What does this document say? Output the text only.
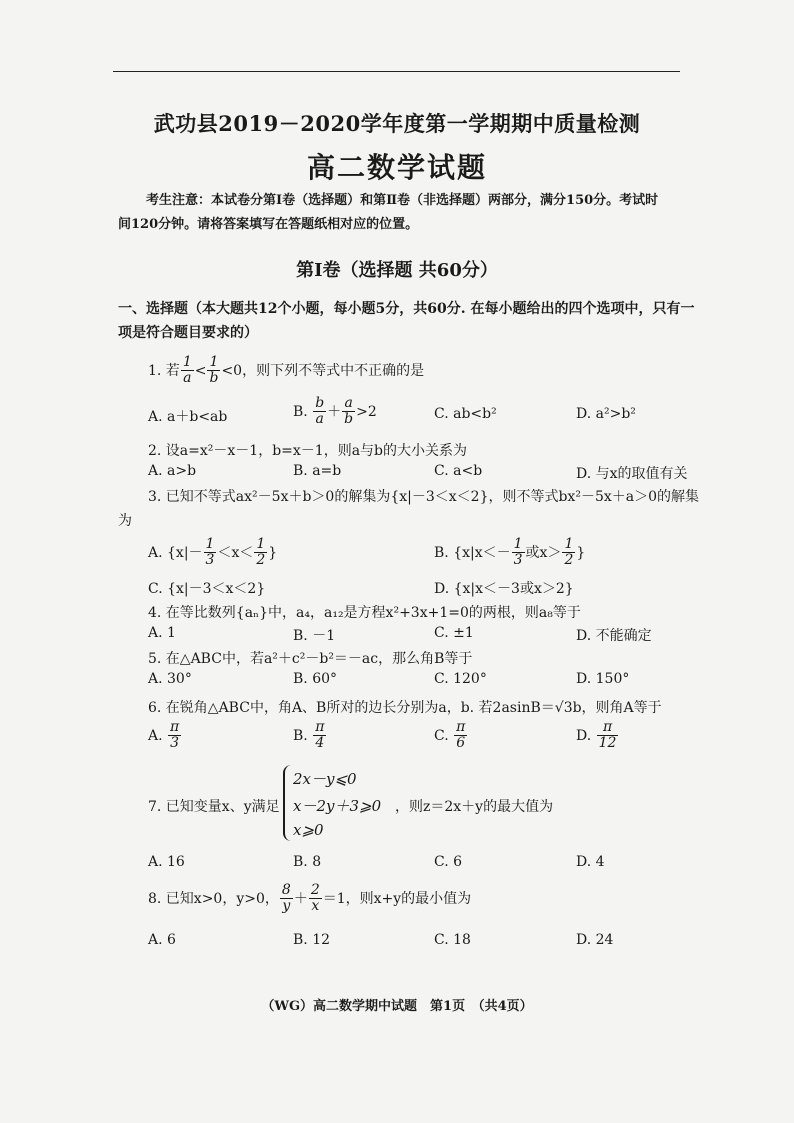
武功县2019－2020学年度第一学期期中质量检测
高二数学试题
考生注意：本试卷分第Ⅰ卷（选择题）和第Ⅱ卷（非选择题）两部分，满分150分。考试时
间120分钟。请将答案填写在答题纸相对应的位置。
第Ⅰ卷（选择题 共60分）
一、选择题（本大题共12个小题，每小题5分，共60分. 在每小题给出的四个选项中，只有一
项是符合题目要求的）
1. 若 $\frac{1}{a} < \frac{1}{b} <0$，则下列不等式中不正确的是
A. a＋b<ab	B. $\frac{b}{a} + \frac{a}{b} >2$	C. ab<b²	D. a²>b²
2. 设a=x²－x－1，b=x－1，则a与b的大小关系为
A. a>b	B. a=b	C. a<b	D. 与x的取值有关
3. 已知不等式ax²－5x＋b＞0的解集为{x|－3＜x＜2}，则不等式bx²－5x＋a＞0的解集
为
A. {$x|- \frac{1}{3} <x< \frac{1}{2}$ }	B. {$x|x<- \frac{1}{3}$ 或$x> \frac{1}{2}$ }
C. {x|－3＜x＜2}	D. {x|x＜－3或x＞2}
4. 在等比数列{aₙ}中，a₄，a₁₂是方程x²+3x+1=0的两根，则a₈等于
A. 1	B. －1	C. ±1	D. 不能确定
5. 在△ABC中，若a²＋c²－b²＝－ac，那么角B等于
A. 30°	B. 60°	C. 120°	D. 150°
6. 在锐角△ABC中，角A、B所对的边长分别为a，b. 若2asinB＝√3b，则角A等于
A. $\frac{\pi}{3}$	B. $\frac{\pi}{4}$	C. $\frac{\pi}{6}$	D. $\frac{\pi}{12}$
7. 已知变量x、y满足
2x－y⩽0
x－2y＋3⩾0
x⩾0
，则z＝2x＋y的最大值为
A. 16	B. 8	C. 6	D. 4
8. 已知x>0，y>0， $\frac{8}{y} + \frac{2}{x} =1$，则x+y的最小值为
A. 6	B. 12	C. 18	D. 24
（WG）高二数学期中试题　第1页　（共4页）
